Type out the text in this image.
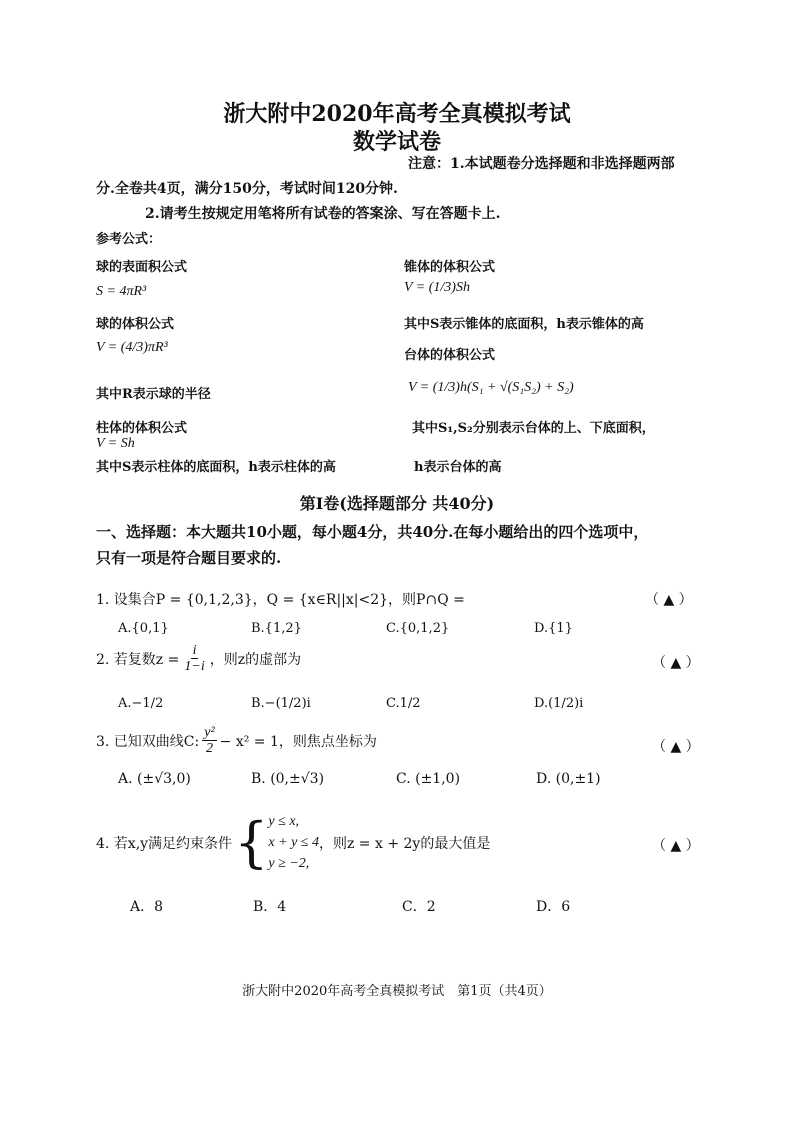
浙大附中2020年高考全真模拟考试
数学试卷
注意：1.本试题卷分选择题和非选择题两部
分.全卷共4页，满分150分，考试时间120分钟.
2.请考生按规定用笔将所有试卷的答案涂、写在答题卡上.
参考公式：
球的表面积公式
S = 4πR³
锥体的体积公式
V = (1/3)Sh
球的体积公式
V = (4/3)πR³
其中S表示锥体的底面积，h表示锥体的高
台体的体积公式
其中R表示球的半径	V = (1/3)h(S₁ + √(S₁S₂) + S₂)
柱体的体积公式	其中S₁,S₂分别表示台体的上、下底面积，
V = Sh
其中S表示柱体的底面积，h表示柱体的高	h表示台体的高
第Ⅰ卷(选择题部分 共40分)
一、选择题：本大题共10小题，每小题4分，共40分.在每小题给出的四个选项中，
只有一项是符合题目要求的.
1. 设集合P = {0,1,2,3}，Q = {x∈R||x|<2}，则P∩Q =	（ ▲ ）
A.{0,1}	B.{1,2}	C.{0,1,2}	D.{1}
2. 若复数$z = \frac{i}{1-i}$ ，则z的虚部为	（ ▲ ）
A.−1/2	B.−(1/2)i	C.1/2	D.(1/2)i
3. 已知双曲线C: $\frac{\text{y²}}{2} - x^2 = 1$，则焦点坐标为	（ ▲ ）
A. (±√3,0)	B. (0,±√3)	C. (±1,0)	D. (0,±1)
4. 若x,y满足约束条件 { y ≤ x,
x + y ≤ 4
y ≥ −2,
，则z = x + 2y的最大值是	（ ▲ ）
A．8	B．4	C．2	D．6
浙大附中2020年高考全真模拟考试　第1页（共4页）
